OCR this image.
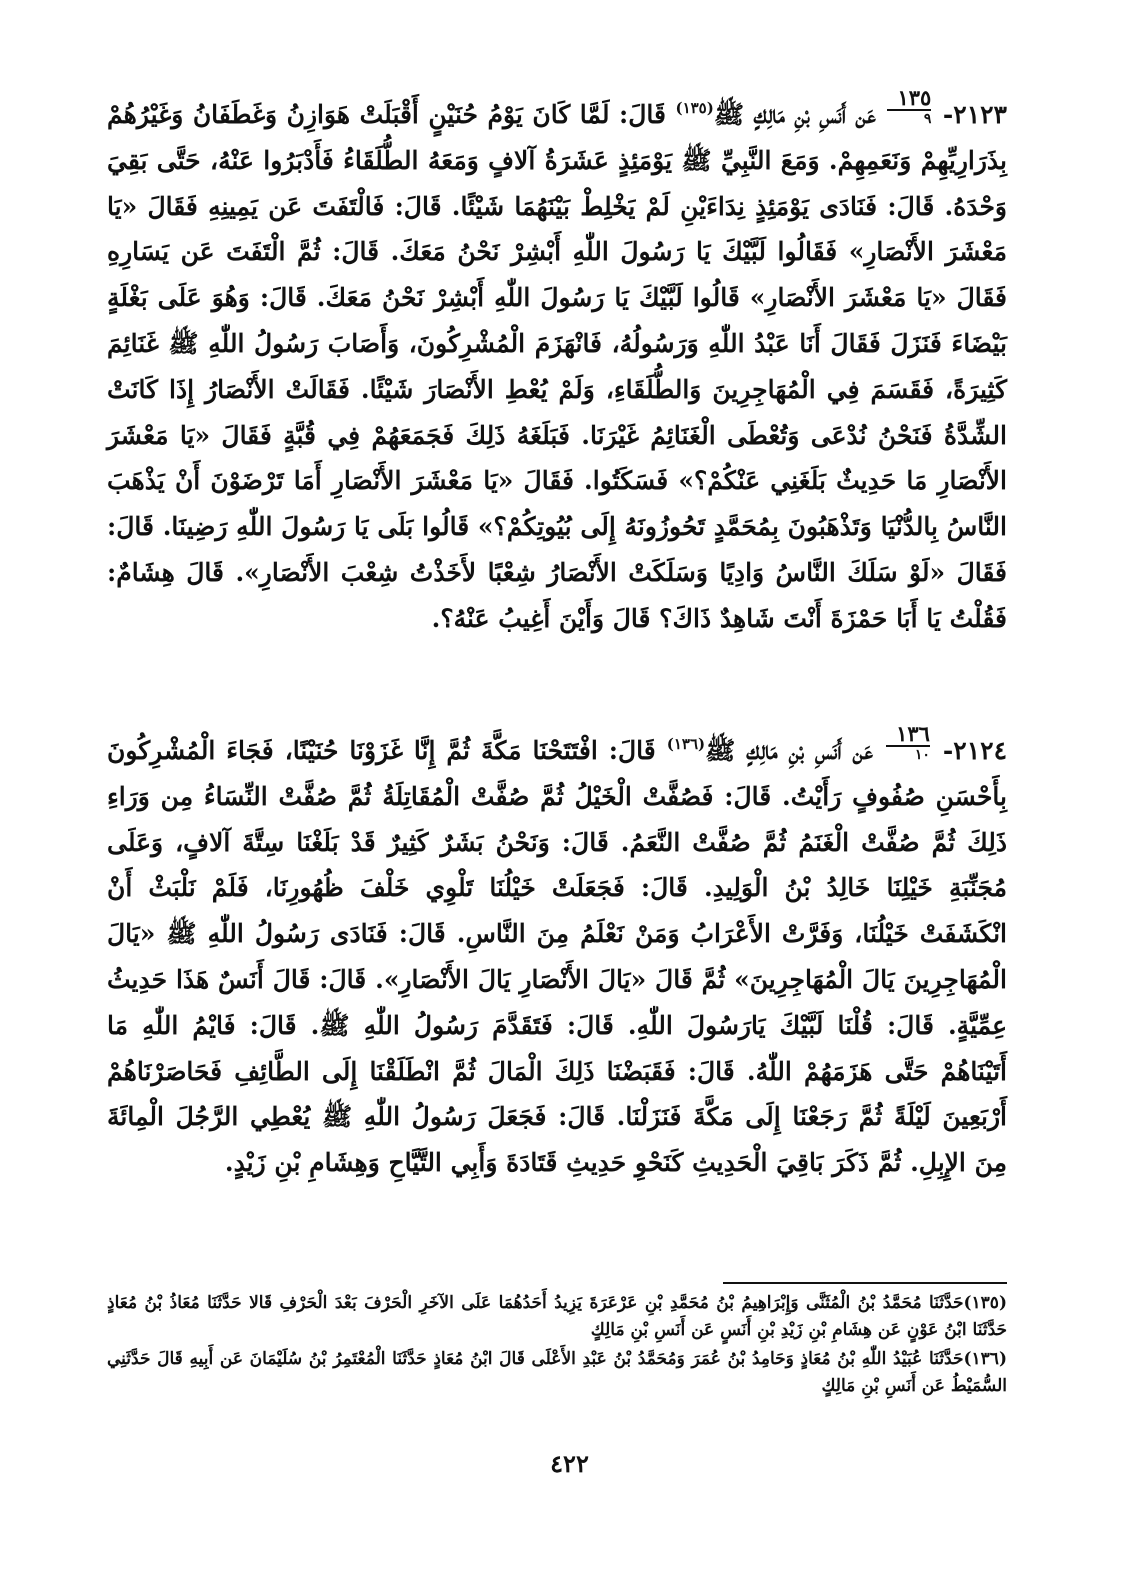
٢١٢٣-
$\frac{١٣٥}{٩}$
عَن أَنَسِ بْنِ مَالِكٍ ﷺ$^{(١٣٥)}$ قَالَ: لَمَّا كَانَ يَوْمُ حُنَيْنٍ أَقْبَلَتْ هَوَازِنُ وَغَطَفَانُ وَغَيْرُهُمْ بِذَرَارِيِّهِمْ وَنَعَمِهِمْ. وَمَعَ النَّبِيِّ ﷺ يَوْمَئِذٍ عَشَرَةُ آلافٍ وَمَعَهُ الطُّلَقَاءُ فَأَدْبَرُوا عَنْهُ، حَتَّى بَقِيَ وَحْدَهُ. قَالَ: فَنَادَى يَوْمَئِذٍ نِدَاءَيْنِ لَمْ يَخْلِطْ بَيْنَهُمَا شَيْئًا. قَالَ: فَالْتَفَتَ عَن يَمِينِهِ فَقَالَ «يَا مَعْشَرَ الأَنْصَارِ» فَقَالُوا لَبَّيْكَ يَا رَسُولَ اللّٰهِ أَبْشِرْ نَحْنُ مَعَكَ. قَالَ: ثُمَّ الْتَفَتَ عَن يَسَارِهِ فَقَالَ «يَا مَعْشَرَ الأَنْصَارِ» قَالُوا لَبَّيْكَ يَا رَسُولَ اللّٰهِ أَبْشِرْ نَحْنُ مَعَكَ. قَالَ: وَهُوَ عَلَى بَغْلَةٍ بَيْضَاءَ فَنَزَلَ فَقَالَ أَنَا عَبْدُ اللّٰهِ وَرَسُولُهُ، فَانْهَزَمَ الْمُشْرِكُونَ، وَأَصَابَ رَسُولُ اللّٰهِ ﷺ غَنَائِمَ كَثِيرَةً، فَقَسَمَ فِي الْمُهَاجِرِينَ وَالطُّلَقَاءِ، وَلَمْ يُعْطِ الأَنْصَارَ شَيْئًا. فَقَالَتْ الأَنْصَارُ إِذَا كَانَتْ الشِّدَّةُ فَنَحْنُ نُدْعَى وَتُعْطَى الْغَنَائِمُ غَيْرَنَا. فَبَلَغَهُ ذَلِكَ فَجَمَعَهُمْ فِي قُبَّةٍ فَقَالَ «يَا مَعْشَرَ الأَنْصَارِ مَا حَدِيثٌ بَلَغَنِي عَنْكُمْ؟» فَسَكَتُوا. فَقَالَ «يَا مَعْشَرَ الأَنْصَارِ أَمَا تَرْضَوْنَ أَنْ يَذْهَبَ النَّاسُ بِالدُّنْيَا وَتَذْهَبُونَ بِمُحَمَّدٍ تَحُوزُونَهُ إِلَى بُيُوتِكُمْ؟» قَالُوا بَلَى يَا رَسُولَ اللّٰهِ رَضِينَا. قَالَ: فَقَالَ «لَوْ سَلَكَ النَّاسُ وَادِيًا وَسَلَكَتْ الأَنْصَارُ شِعْبًا لأَخَذْتُ شِعْبَ الأَنْصَارِ». قَالَ هِشَامٌ: فَقُلْتُ يَا أَبَا حَمْزَةَ أَنْتَ شَاهِدٌ ذَاكَ؟ قَالَ وَأَيْنَ أَغِيبُ عَنْهُ؟.
٢١٢٤-
$\frac{١٣٦}{١٠}$
عَن أَنَسِ بْنِ مَالِكٍ ﷺ$^{(١٣٦)}$ قَالَ: افْتَتَحْنَا مَكَّةَ ثُمَّ إِنَّا غَزَوْنَا حُنَيْنًا، فَجَاءَ الْمُشْرِكُونَ بِأَحْسَنِ صُفُوفٍ رَأَيْتُ. قَالَ: فَصُفَّتْ الْخَيْلُ ثُمَّ صُفَّتْ الْمُقَاتِلَةُ ثُمَّ صُفَّتْ النِّسَاءُ مِن وَرَاءِ ذَلِكَ ثُمَّ صُفَّتْ الْغَنَمُ ثُمَّ صُفَّتْ النَّعَمُ. قَالَ: وَنَحْنُ بَشَرٌ كَثِيرٌ قَدْ بَلَغْنَا سِتَّةَ آلافٍ، وَعَلَى مُجَنِّبَةِ خَيْلِنَا خَالِدُ بْنُ الْوَلِيدِ. قَالَ: فَجَعَلَتْ خَيْلُنَا تَلْوِي خَلْفَ ظُهُورِنَا، فَلَمْ نَلْبَثْ أَنْ انْكَشَفَتْ خَيْلُنَا، وَفَرَّتْ الأَعْرَابُ وَمَنْ نَعْلَمُ مِنَ النَّاسِ. قَالَ: فَنَادَى رَسُولُ اللّٰهِ ﷺ «يَالَ الْمُهَاجِرِينَ يَالَ الْمُهَاجِرِينَ» ثُمَّ قَالَ «يَالَ الأَنْصَارِ يَالَ الأَنْصَارِ». قَالَ: قَالَ أَنَسٌ هَذَا حَدِيثُ عِمِّيَّةٍ. قَالَ: قُلْنَا لَبَّيْكَ يَارَسُولَ اللّٰهِ. قَالَ: فَتَقَدَّمَ رَسُولُ اللّٰهِ ﷺ. قَالَ: فَايْمُ اللّٰهِ مَا أَتَيْنَاهُمْ حَتَّى هَزَمَهُمْ اللّٰهُ. قَالَ: فَقَبَضْنَا ذَلِكَ الْمَالَ ثُمَّ انْطَلَقْنَا إِلَى الطَّائِفِ فَحَاصَرْنَاهُمْ أَرْبَعِينَ لَيْلَةً ثُمَّ رَجَعْنَا إِلَى مَكَّةَ فَنَزَلْنَا. قَالَ: فَجَعَلَ رَسُولُ اللّٰهِ ﷺ يُعْطِي الرَّجُلَ الْمِائَةَ مِنَ الإِبِلِ. ثُمَّ ذَكَرَ بَاقِيَ الْحَدِيثِ كَنَحْوِ حَدِيثِ قَتَادَةَ وَأَبِي التَّيَّاحِ وَهِشَامِ بْنِ زَيْدٍ.
(١٣٥)حَدَّثَنَا مُحَمَّدُ بْنُ الْمُثَنَّى وَإِبْرَاهِيمُ بْنُ مُحَمَّدِ بْنِ عَرْعَرَةَ يَزِيدُ أَحَدُهُمَا عَلَى الآخَرِ الْحَرْفَ بَعْدَ الْحَرْفِ قَالا حَدَّثَنَا مُعَاذُ بْنُ مُعَاذٍ حَدَّثَنَا ابْنُ عَوْنٍ عَن هِشَامِ بْنِ زَيْدِ بْنِ أَنَسٍ عَن أَنَسِ بْنِ مَالِكٍ
(١٣٦)حَدَّثَنَا عُبَيْدُ اللّٰهِ بْنُ مُعَاذٍ وَحَامِدُ بْنُ عُمَرَ وَمُحَمَّدُ بْنُ عَبْدِ الأَعْلَى قَالَ ابْنُ مُعَاذٍ حَدَّثَنَا الْمُعْتَمِرُ بْنُ سُلَيْمَانَ عَن أَبِيهِ قَالَ حَدَّثَنِي السُّمَيْطُ عَن أَنَسِ بْنِ مَالِكٍ
٤٢٢
